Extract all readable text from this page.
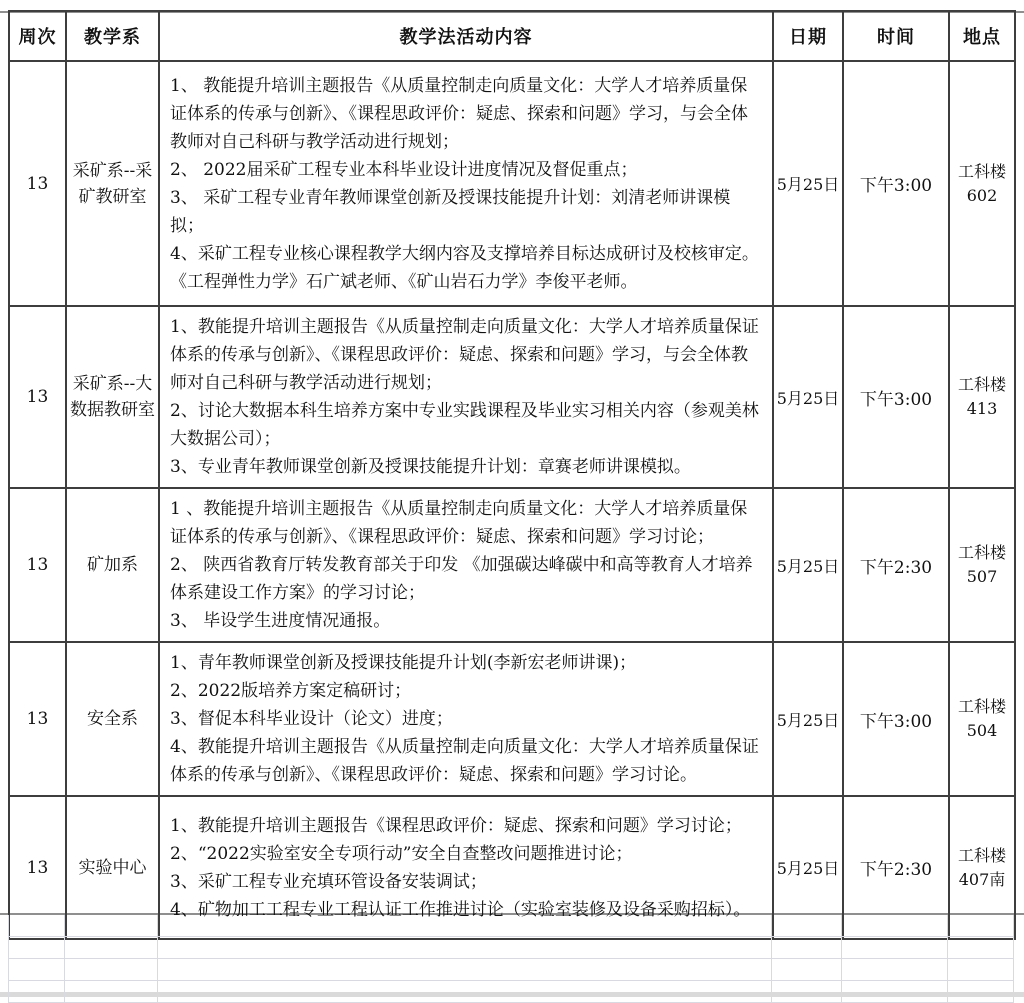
周次	教学系	教学法活动内容	日期	时间	地点
13	采矿系--采矿教研室	1、 教能提升培训主题报告《从质量控制走向质量文化：大学人才培养质量保证体系的传承与创新》、《课程思政评价：疑虑、探索和问题》学习，与会全体教师对自己科研与教学活动进行规划；
2、 2022届采矿工程专业本科毕业设计进度情况及督促重点；
3、 采矿工程专业青年教师课堂创新及授课技能提升计划：刘清老师讲课模拟；
4、采矿工程专业核心课程教学大纲内容及支撑培养目标达成研讨及校核审定。《工程弹性力学》石广斌老师、《矿山岩石力学》李俊平老师。	5月25日	下午3:00	工科楼 602
13	采矿系--大数据教研室	1、教能提升培训主题报告《从质量控制走向质量文化：大学人才培养质量保证体系的传承与创新》、《课程思政评价：疑虑、探索和问题》学习，与会全体教师对自己科研与教学活动进行规划；
2、讨论大数据本科生培养方案中专业实践课程及毕业实习相关内容（参观美林大数据公司）；
3、专业青年教师课堂创新及授课技能提升计划：章赛老师讲课模拟。	5月25日	下午3:00	工科楼 413
13	矿加系	1 、教能提升培训主题报告《从质量控制走向质量文化：大学人才培养质量保证体系的传承与创新》、《课程思政评价：疑虑、探索和问题》学习讨论；
2、 陕西省教育厅转发教育部关于印发 《加强碳达峰碳中和高等教育人才培养体系建设工作方案》的学习讨论；
3、 毕设学生进度情况通报。	5月25日	下午2:30	工科楼 507
13	安全系	1、青年教师课堂创新及授课技能提升计划(李新宏老师讲课)；
2、2022版培养方案定稿研讨；
3、督促本科毕业设计（论文）进度；
4、教能提升培训主题报告《从质量控制走向质量文化：大学人才培养质量保证体系的传承与创新》、《课程思政评价：疑虑、探索和问题》学习讨论。	5月25日	下午3:00	工科楼 504
13	实验中心	1、教能提升培训主题报告《课程思政评价：疑虑、探索和问题》学习讨论；
2、“2022实验室安全专项行动”安全自查整改问题推进讨论；
3、采矿工程专业充填环管设备安装调试；
4、矿物加工工程专业工程认证工作推进讨论（实验室装修及设备采购招标）。	5月25日	下午2:30	工科楼 407南
